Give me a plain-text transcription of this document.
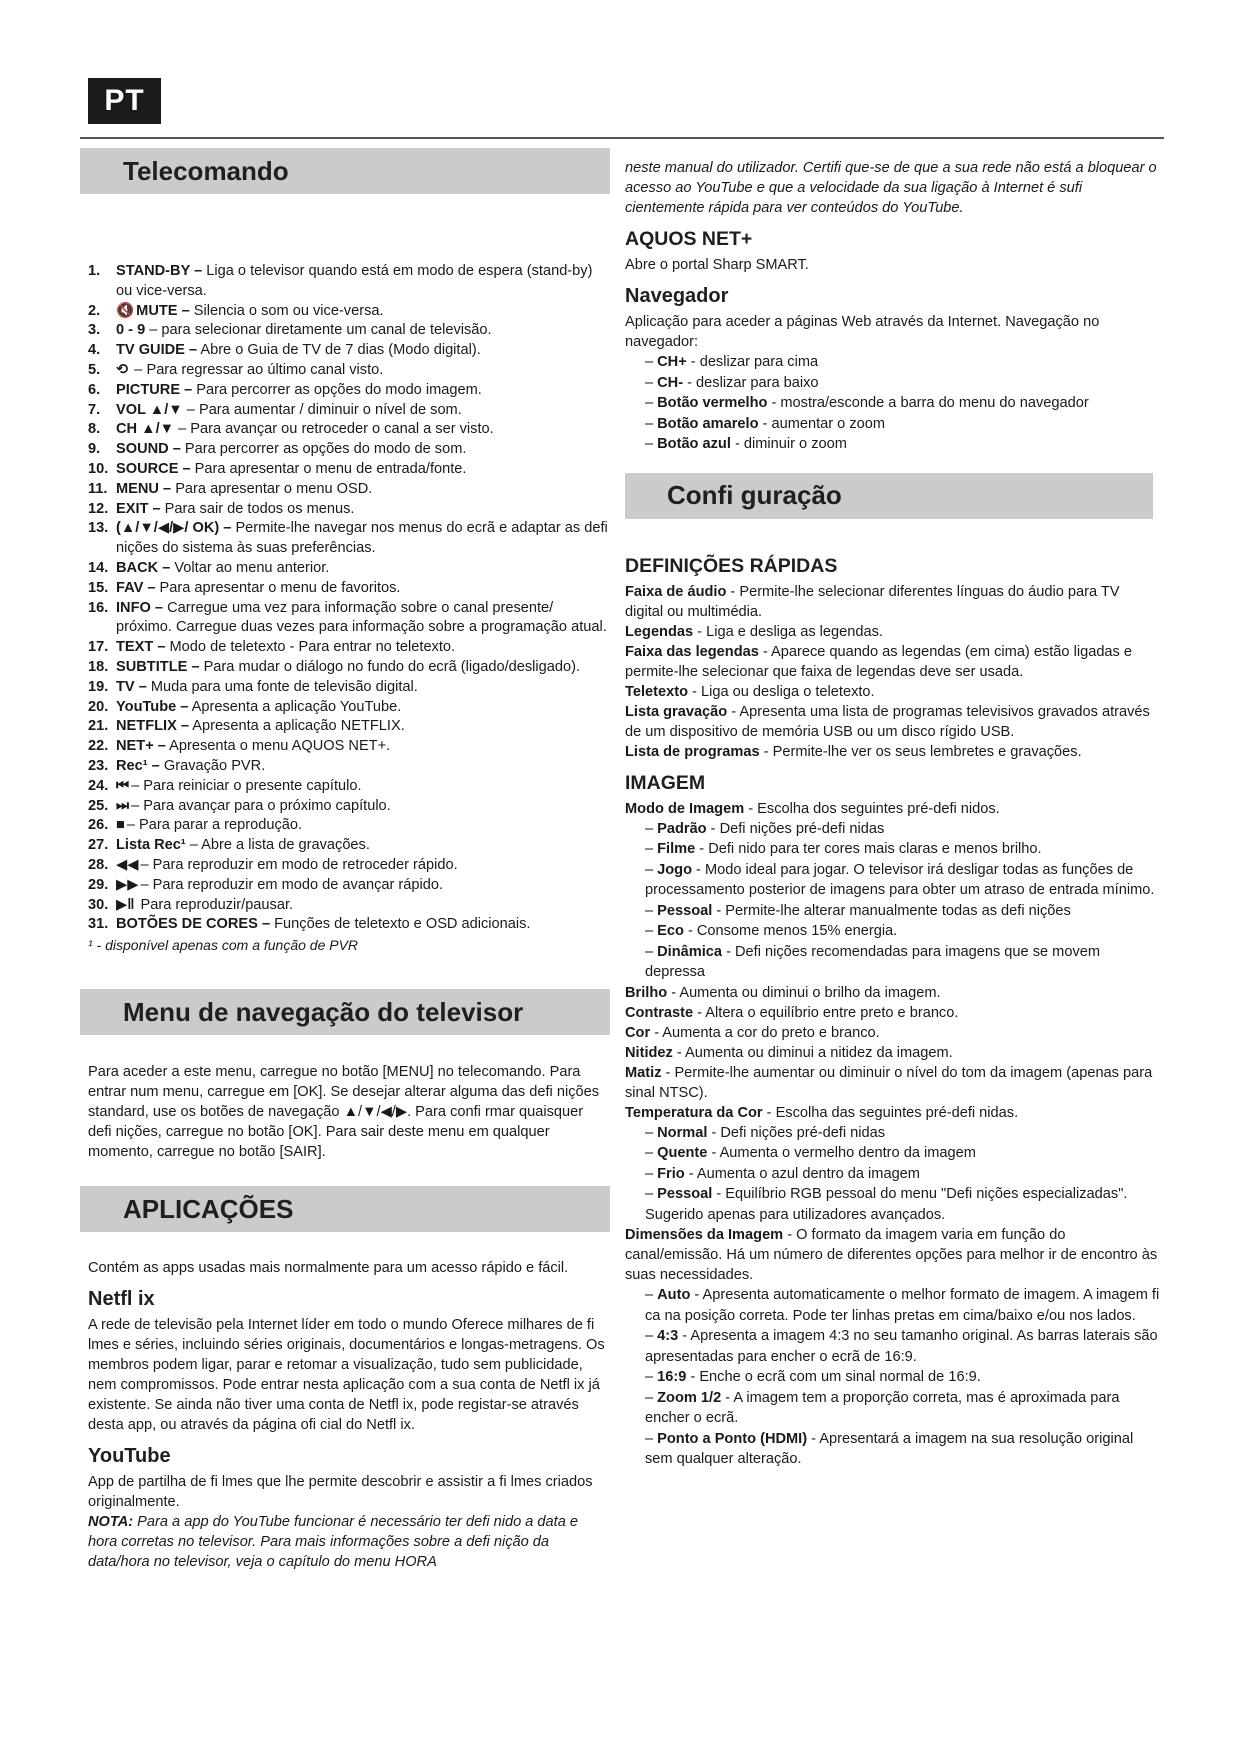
PT
Telecomando
1.	STAND-BY – Liga o televisor quando está em modo de espera (stand-by) ou vice-versa.
2.	🔇 MUTE – Silencia o som ou vice-versa.
3.	0 - 9 – para selecionar diretamente um canal de televisão.
4.	TV GUIDE – Abre o Guia de TV de 7 dias (Modo digital).
5.	⟲ – Para regressar ao último canal visto.
6.	PICTURE – Para percorrer as opções do modo imagem.
7.	VOL ▲/▼ – Para aumentar / diminuir o nível de som.
8.	CH ▲/▼ – Para avançar ou retroceder o canal a ser visto.
9.	SOUND – Para percorrer as opções do modo de som.
10. SOURCE – Para apresentar o menu de entrada/fonte.
11. MENU – Para apresentar o menu OSD.
12. EXIT – Para sair de todos os menus.
13. (▲/▼/◀/▶/ OK) – Permite-lhe navegar nos menus do ecrã e adaptar as defi nições do sistema às suas preferências.
14. BACK – Voltar ao menu anterior.
15. FAV – Para apresentar o menu de favoritos.
16. INFO – Carregue uma vez para informação sobre o canal presente/ próximo. Carregue duas vezes para informação sobre a programação atual.
17. TEXT – Modo de teletexto - Para entrar no teletexto.
18. SUBTITLE – Para mudar o diálogo no fundo do ecrã (ligado/desligado).
19. TV – Muda para uma fonte de televisão digital.
20. YouTube – Apresenta a aplicação YouTube.
21. NETFLIX – Apresenta a aplicação NETFLIX.
22. NET+ – Apresenta o menu AQUOS NET+.
23. Rec¹ – Gravação PVR.
24. ⏮ – Para reiniciar o presente capítulo.
25. ⏭ – Para avançar para o próximo capítulo.
26. ■ – Para parar a reprodução.
27. Lista Rec¹ – Abre a lista de gravações.
28. ◀◀ – Para reproduzir em modo de retroceder rápido.
29. ▶▶ – Para reproduzir em modo de avançar rápido.
30. ▶‖ Para reproduzir/pausar.
31. BOTÕES DE CORES – Funções de teletexto e OSD adicionais.

¹ - disponível apenas com a função de PVR

Menu de navegação do televisor

Para aceder a este menu, carregue no botão [MENU] no telecomando. Para entrar num menu, carregue em [OK]. Se desejar alterar alguma das defi nições standard, use os botões de navegação ▲/▼/◀/▶. Para confi rmar quaisquer defi nições, carregue no botão [OK]. Para sair deste menu em qualquer momento, carregue no botão [SAIR].

APLICAÇÕES

Contém as apps usadas mais normalmente para um acesso rápido e fácil.

Netfl ix

A rede de televisão pela Internet líder em todo o mundo Oferece milhares de fi lmes e séries, incluindo séries originais, documentários e longas-metragens. Os membros podem ligar, parar e retomar a visualização, tudo sem publicidade, nem compromissos. Pode entrar nesta aplicação com a sua conta de Netfl ix já existente. Se ainda não tiver uma conta de Netfl ix, pode registar-se através desta app, ou através da página ofi cial do Netfl ix.

YouTube

App de partilha de fi lmes que lhe permite descobrir e assistir a fi lmes criados originalmente.

NOTA: Para a app do YouTube funcionar é necessário ter defi nido a data e hora corretas no televisor. Para mais informações sobre a defi nição da data/hora no televisor, veja o capítulo do menu HORA

neste manual do utilizador. Certifi que-se de que a sua rede não está a bloquear o acesso ao YouTube e que a velocidade da sua ligação à Internet é sufi cientemente rápida para ver conteúdos do YouTube.

AQUOS NET+

Abre o portal Sharp SMART.

Navegador

Aplicação para aceder a páginas Web através da Internet. Navegação no navegador:

– CH+ - deslizar para cima
– CH- - deslizar para baixo
– Botão vermelho - mostra/esconde a barra do menu do navegador
– Botão amarelo - aumentar o zoom
– Botão azul - diminuir o zoom
Confi guração
DEFINIÇÕES RÁPIDAS

Faixa de áudio - Permite-lhe selecionar diferentes línguas do áudio para TV digital ou multimédia.

Legendas - Liga e desliga as legendas.

Faixa das legendas - Aparece quando as legendas (em cima) estão ligadas e permite-lhe selecionar que faixa de legendas deve ser usada.

Teletexto - Liga ou desliga o teletexto.

Lista gravação - Apresenta uma lista de programas televisivos gravados através de um dispositivo de memória USB ou um disco rígido USB.

Lista de programas - Permite-lhe ver os seus lembretes e gravações.

IMAGEM

Modo de Imagem - Escolha dos seguintes pré-defi nidos.

– Padrão - Defi nições pré-defi nidas
– Filme - Defi nido para ter cores mais claras e menos brilho.
– Jogo - Modo ideal para jogar. O televisor irá desligar todas as funções de processamento posterior de imagens para obter um atraso de entrada mínimo.
– Pessoal - Permite-lhe alterar manualmente todas as defi nições
– Eco - Consome menos 15% energia.
– Dinâmica - Defi nições recomendadas para imagens que se movem depressa

Brilho - Aumenta ou diminui o brilho da imagem.

Contraste - Altera o equilíbrio entre preto e branco.

Cor - Aumenta a cor do preto e branco.

Nitidez - Aumenta ou diminui a nitidez da imagem.

Matiz - Permite-lhe aumentar ou diminuir o nível do tom da imagem (apenas para sinal NTSC).

Temperatura da Cor - Escolha das seguintes pré-defi nidas.

– Normal - Defi nições pré-defi nidas
– Quente - Aumenta o vermelho dentro da imagem
– Frio - Aumenta o azul dentro da imagem
– Pessoal - Equilíbrio RGB pessoal do menu "Defi nições especializadas". Sugerido apenas para utilizadores avançados.

Dimensões da Imagem - O formato da imagem varia em função do canal/emissão. Há um número de diferentes opções para melhor ir de encontro às suas necessidades.

– Auto - Apresenta automaticamente o melhor formato de imagem. A imagem fi ca na posição correta. Pode ter linhas pretas em cima/baixo e/ou nos lados.
– 4:3 - Apresenta a imagem 4:3 no seu tamanho original. As barras laterais são apresentadas para encher o ecrã de 16:9.
– 16:9 - Enche o ecrã com um sinal normal de 16:9.
– Zoom 1/2 - A imagem tem a proporção correta, mas é aproximada para encher o ecrã.
– Ponto a Ponto (HDMI) - Apresentará a imagem na sua resolução original sem qualquer alteração.
